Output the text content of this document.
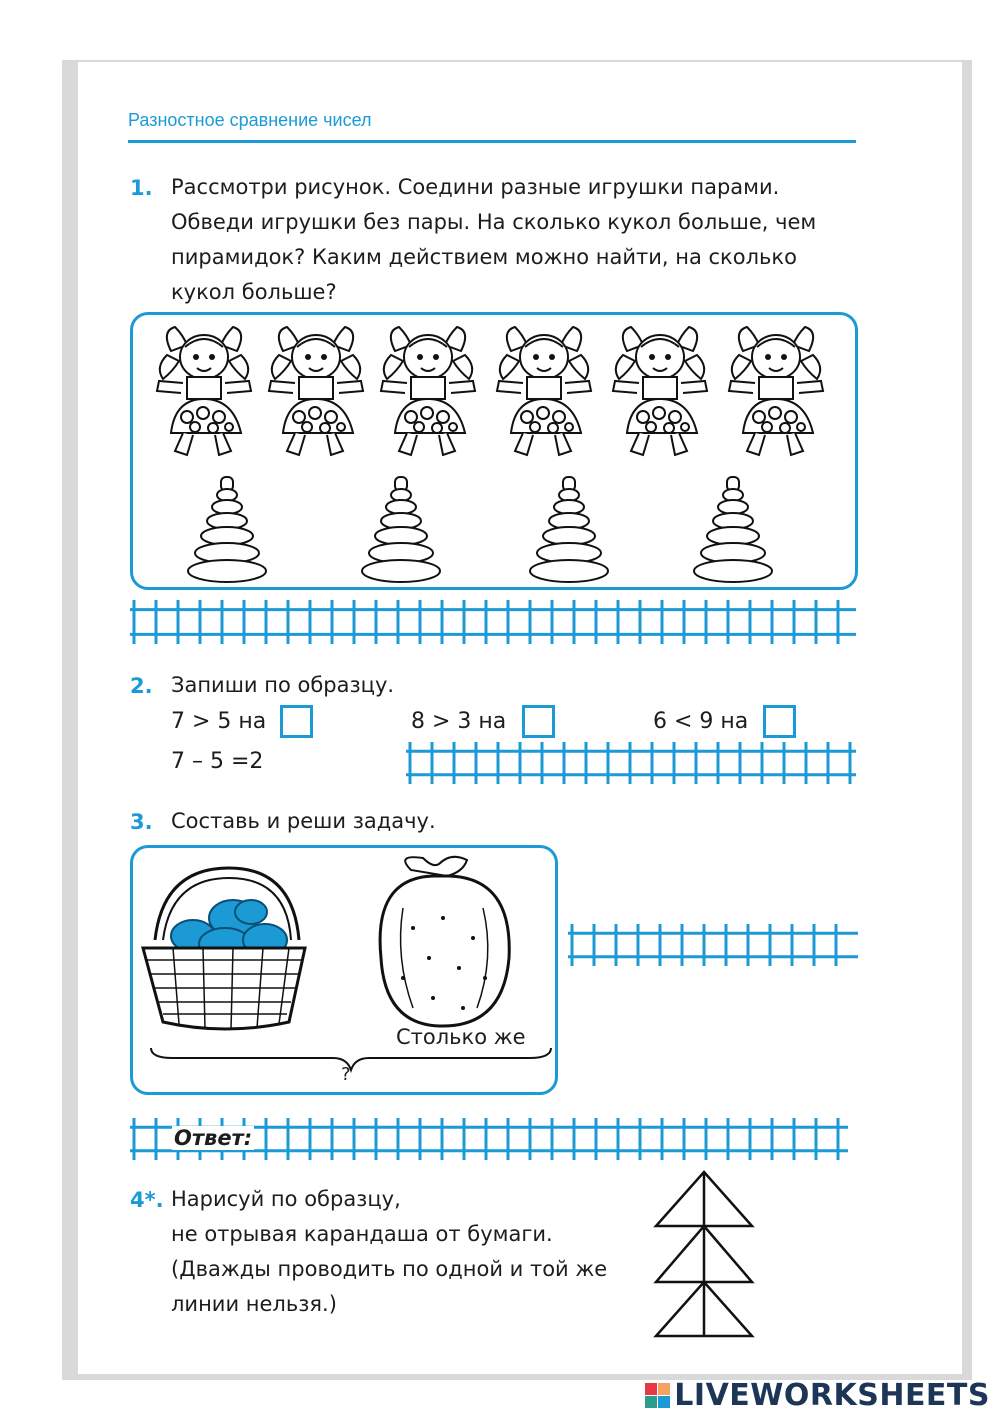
Разностное сравнение чисел
1. Рассмотри рисунок. Соедини разные игрушки парами.
Обведи игрушки без пары. На сколько кукол больше, чем
пирамидок? Каким действием можно найти, на сколько
кукол больше?
2. Запиши по образцу.
7 > 5 на	8 > 3 на	6 < 9 на
7 – 5 =2
3. Составь и реши задачу.
Столько же
?
Ответ:
4*. Нарисуй по образцу,
не отрывая карандаша от бумаги.
(Дважды проводить по одной и той же
линии нельзя.)
LIVEWORKSHEETS
